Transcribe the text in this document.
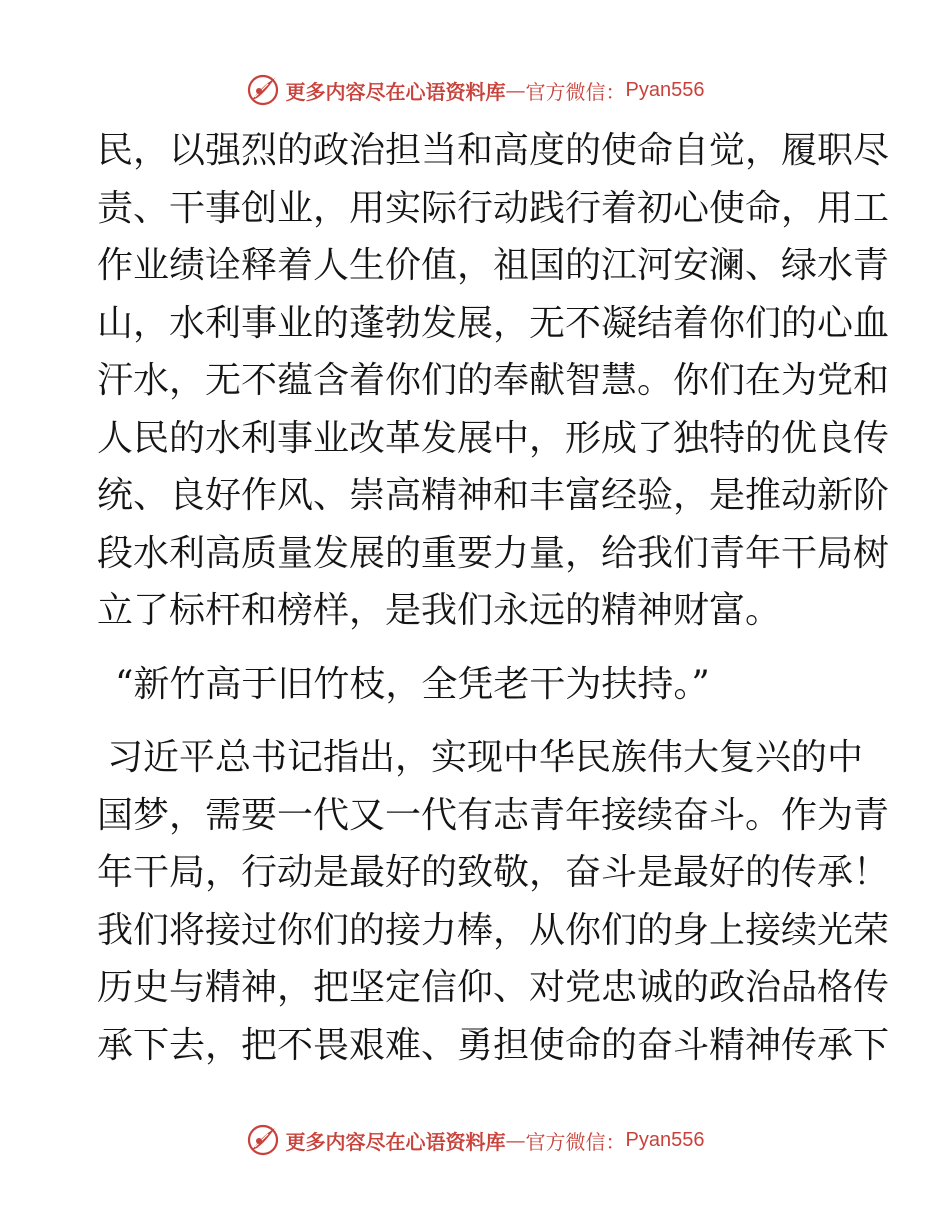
更多内容尽在心语资料库 — 官方微信： Pyan556
民，以强烈的政治担当和高度的使命自觉，履职尽
责、干事创业，用实际行动践行着初心使命，用工
作业绩诠释着人生价值，祖国的江河安澜、绿水青
山，水利事业的蓬勃发展，无不凝结着你们的心血
汗水，无不蕴含着你们的奉献智慧。你们在为党和
人民的水利事业改革发展中，形成了独特的优良传
统、良好作风、崇高精神和丰富经验，是推动新阶
段水利高质量发展的重要力量，给我们青年干局树
立了标杆和榜样，是我们永远的精神财富。
“新竹高于旧竹枝，全凭老干为扶持。”
习近平总书记指出，实现中华民族伟大复兴的中
国梦，需要一代又一代有志青年接续奋斗。作为青
年干局，行动是最好的致敬，奋斗是最好的传承！
我们将接过你们的接力棒，从你们的身上接续光荣
历史与精神，把坚定信仰、对党忠诚的政治品格传
承下去，把不畏艰难、勇担使命的奋斗精神传承下
更多内容尽在心语资料库 — 官方微信： Pyan556
